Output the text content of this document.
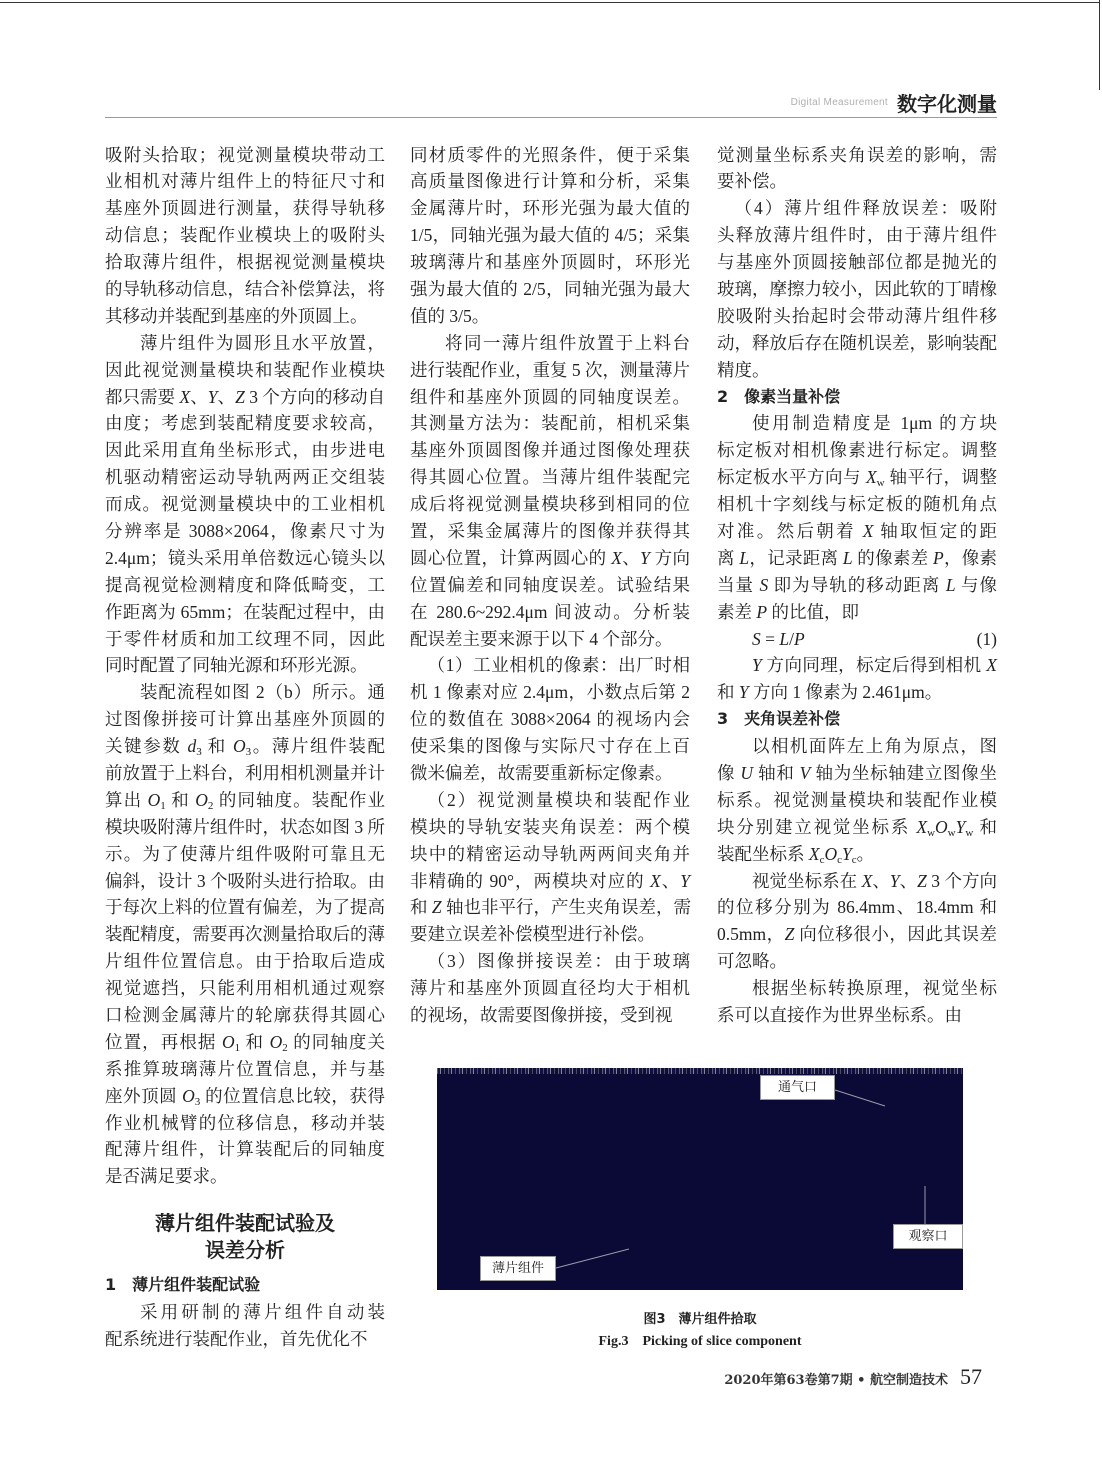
Digital Measurement 数字化测量
吸附头拾取；视觉测量模块带动工
业相机对薄片组件上的特征尺寸和
基座外顶圆进行测量，获得导轨移
动信息；装配作业模块上的吸附头
拾取薄片组件，根据视觉测量模块
的导轨移动信息，结合补偿算法，将
其移动并装配到基座的外顶圆上。
薄片组件为圆形且水平放置，
因此视觉测量模块和装配作业模块
都只需要 X、Y、Z 3 个方向的移动自
由度；考虑到装配精度要求较高，
因此采用直角坐标形式，由步进电
机驱动精密运动导轨两两正交组装
而成。视觉测量模块中的工业相机
分辨率是 3088×2064，像素尺寸为
2.4μm；镜头采用单倍数远心镜头以
提高视觉检测精度和降低畸变，工
作距离为 65mm；在装配过程中，由
于零件材质和加工纹理不同，因此
同时配置了同轴光源和环形光源。
装配流程如图 2（b）所示。通
过图像拼接可计算出基座外顶圆的
关键参数 $d_3$ 和 $O_3$。薄片组件装配
前放置于上料台，利用相机测量并计
算出 $O_1$ 和 $O_2$ 的同轴度。装配作业
模块吸附薄片组件时，状态如图 3 所
示。为了使薄片组件吸附可靠且无
偏斜，设计 3 个吸附头进行拾取。由
于每次上料的位置有偏差，为了提高
装配精度，需要再次测量拾取后的薄
片组件位置信息。由于拾取后造成
视觉遮挡，只能利用相机通过观察
口检测金属薄片的轮廓获得其圆心
位置，再根据 $O_1$ 和 $O_2$ 的同轴度关
系推算玻璃薄片位置信息，并与基
座外顶圆 $O_3$ 的位置信息比较，获得
作业机械臂的位移信息，移动并装
配薄片组件，计算装配后的同轴度
是否满足要求。
薄片组件装配试验及
误差分析
1 薄片组件装配试验
采用研制的薄片组件自动装
配系统进行装配作业，首先优化不
同材质零件的光照条件，便于采集
高质量图像进行计算和分析，采集
金属薄片时，环形光强为最大值的
1/5，同轴光强为最大值的 4/5；采集
玻璃薄片和基座外顶圆时，环形光
强为最大值的 2/5，同轴光强为最大
值的 3/5。
将同一薄片组件放置于上料台
进行装配作业，重复 5 次，测量薄片
组件和基座外顶圆的同轴度误差。
其测量方法为：装配前，相机采集
基座外顶圆图像并通过图像处理获
得其圆心位置。当薄片组件装配完
成后将视觉测量模块移到相同的位
置，采集金属薄片的图像并获得其
圆心位置，计算两圆心的 X、Y 方向
位置偏差和同轴度误差。试验结果
在 280.6~292.4μm 间波动。分析装
配误差主要来源于以下 4 个部分。
（1）工业相机的像素：出厂时相
机 1 像素对应 2.4μm，小数点后第 2
位的数值在 3088×2064 的视场内会
使采集的图像与实际尺寸存在上百
微米偏差，故需要重新标定像素。
（2）视觉测量模块和装配作业
模块的导轨安装夹角误差：两个模
块中的精密运动导轨两两间夹角并
非精确的 90°，两模块对应的 X、Y
和 Z 轴也非平行，产生夹角误差，需
要建立误差补偿模型进行补偿。
（3）图像拼接误差：由于玻璃
薄片和基座外顶圆直径均大于相机
的视场，故需要图像拼接，受到视
觉测量坐标系夹角误差的影响，需
要补偿。
（4）薄片组件释放误差：吸附
头释放薄片组件时，由于薄片组件
与基座外顶圆接触部位都是抛光的
玻璃，摩擦力较小，因此软的丁晴橡
胶吸附头抬起时会带动薄片组件移
动，释放后存在随机误差，影响装配
精度。
2 像素当量补偿
使用制造精度是 1μm 的方块
标定板对相机像素进行标定。调整
标定板水平方向与 $X_w$ 轴平行，调整
相机十字刻线与标定板的随机角点
对准。然后朝着 X 轴取恒定的距
离 L，记录距离 L 的像素差 P，像素
当量 S 即为导轨的移动距离 L 与像
素差 P 的比值，即
S = L/P	(1)
Y 方向同理，标定后得到相机 X
和 Y 方向 1 像素为 2.461μm。
3 夹角误差补偿
以相机面阵左上角为原点，图
像 U 轴和 V 轴为坐标轴建立图像坐
标系。视觉测量模块和装配作业模
块分别建立视觉坐标系 $X_wO_wY_w$ 和
装配坐标系 $X_cO_cY_c$。
视觉坐标系在 X、Y、Z 3 个方向
的位移分别为 86.4mm、18.4mm 和
0.5mm，Z 向位移很小，因此其误差
可忽略。
根据坐标转换原理，视觉坐标
系可以直接作为世界坐标系。由
通气口
观察口
薄片组件
图3　薄片组件拾取
Fig.3　Picking of slice component
2020年第63卷第7期 • 航空制造技术 57
